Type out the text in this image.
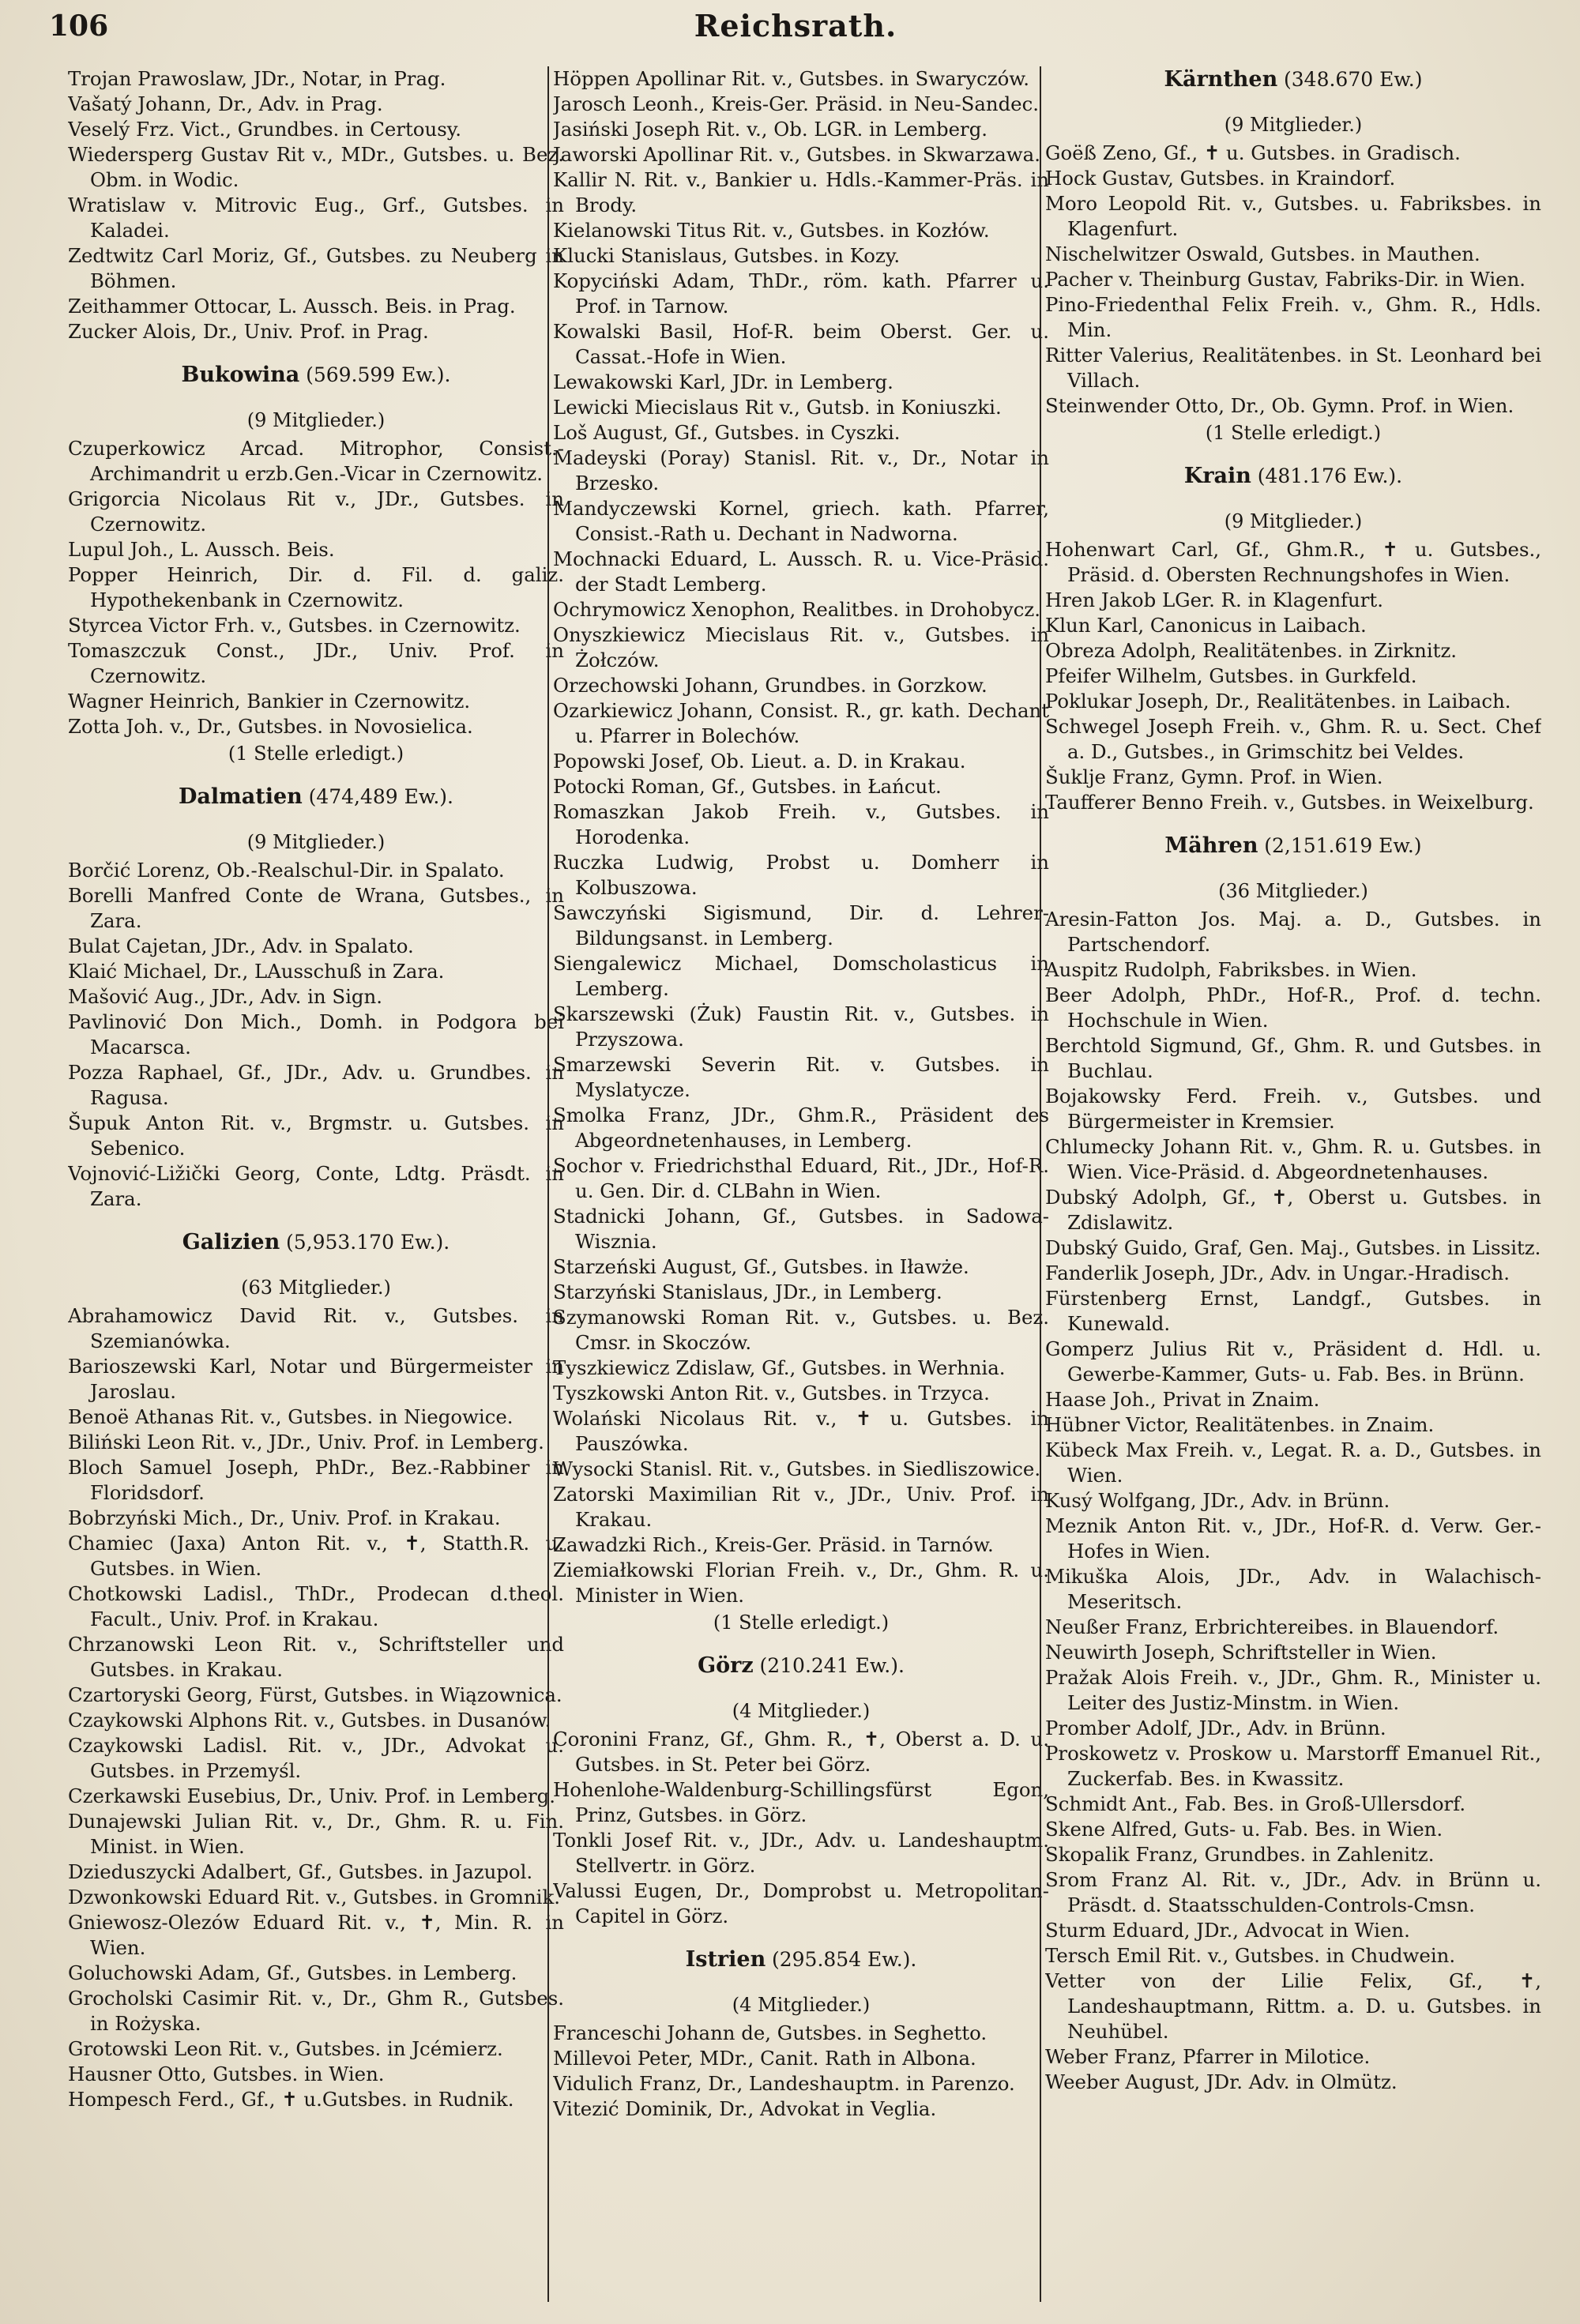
106	Reichsrath.

Trojan Prawoslaw, JDr., Notar, in Prag.

Vašatý Johann, Dr., Adv. in Prag.

Veselý Frz. Vict., Grundbes. in Certousy.

Wiedersperg Gustav Rit v., MDr., Gutsbes. u. Bez. Obm. in Wodic.

Wratislaw v. Mitrovic Eug., Grf., Gutsbes. in Kaladei.

Zedtwitz Carl Moriz, Gf., Gutsbes. zu Neuberg in Böhmen.

Zeithammer Ottocar, L. Aussch. Beis. in Prag.

Zucker Alois, Dr., Univ. Prof. in Prag.

Bukowina (569.599 Ew.).

(9 Mitglieder.)

Czuperkowicz Arcad. Mitrophor, Consist.-Archimandrit u erzb.Gen.-Vicar in Czernowitz.

Grigorcia Nicolaus Rit v., JDr., Gutsbes. in Czernowitz.

Lupul Joh., L. Aussch. Beis.

Popper Heinrich, Dir. d. Fil. d. galiz. Hypothekenbank in Czernowitz.

Styrcea Victor Frh. v., Gutsbes. in Czernowitz.

Tomaszczuk Const., JDr., Univ. Prof. in Czernowitz.

Wagner Heinrich, Bankier in Czernowitz.

Zotta Joh. v., Dr., Gutsbes. in Novosielica.

(1 Stelle erledigt.)

Dalmatien (474,489 Ew.).

(9 Mitglieder.)

Borčić Lorenz, Ob.-Realschul-Dir. in Spalato.

Borelli Manfred Conte de Wrana, Gutsbes., in Zara.

Bulat Cajetan, JDr., Adv. in Spalato.

Klaić Michael, Dr., LAusschuß in Zara.

Mašović Aug., JDr., Adv. in Sign.

Pavlinović Don Mich., Domh. in Podgora bei Macarsca.

Pozza Raphael, Gf., JDr., Adv. u. Grundbes. in Ragusa.

Šupuk Anton Rit. v., Brgmstr. u. Gutsbes. in Sebenico.

Vojnović-Ližički Georg, Conte, Ldtg. Präsdt. in Zara.

Galizien (5,953.170 Ew.).

(63 Mitglieder.)

Abrahamowicz David Rit. v., Gutsbes. in Szemianówka.

Barioszewski Karl, Notar und Bürgermeister in Jaroslau.

Benoë Athanas Rit. v., Gutsbes. in Niegowice.

Biliński Leon Rit. v., JDr., Univ. Prof. in Lemberg.

Bloch Samuel Joseph, PhDr., Bez.-Rabbiner in Floridsdorf.

Bobrzyński Mich., Dr., Univ. Prof. in Krakau.

Chamiec (Jaxa) Anton Rit. v., ✝, Statth.R. u. Gutsbes. in Wien.

Chotkowski Ladisl., ThDr., Prodecan d.theol. Facult., Univ. Prof. in Krakau.

Chrzanowski Leon Rit. v., Schriftsteller und Gutsbes. in Krakau.

Czartoryski Georg, Fürst, Gutsbes. in Wiązownica.

Czaykowski Alphons Rit. v., Gutsbes. in Dusanów.

Czaykowski Ladisl. Rit. v., JDr., Advokat u. Gutsbes. in Przemyśl.

Czerkawski Eusebius, Dr., Univ. Prof. in Lemberg.

Dunajewski Julian Rit. v., Dr., Ghm. R. u. Fin. Minist. in Wien.

Dzieduszycki Adalbert, Gf., Gutsbes. in Jazupol.

Dzwonkowski Eduard Rit. v., Gutsbes. in Gromnik.

Gniewosz-Olezów Eduard Rit. v., ✝, Min. R. in Wien.

Goluchowski Adam, Gf., Gutsbes. in Lemberg.

Grocholski Casimir Rit. v., Dr., Ghm R., Gutsbes. in Rożyska.

Grotowski Leon Rit. v., Gutsbes. in Jcémierz.

Hausner Otto, Gutsbes. in Wien.

Hompesch Ferd., Gf., ✝ u.Gutsbes. in Rudnik.

Höppen Apollinar Rit. v., Gutsbes. in Swaryczów.

Jarosch Leonh., Kreis-Ger. Präsid. in Neu-Sandec.

Jasiński Joseph Rit. v., Ob. LGR. in Lemberg.

Jaworski Apollinar Rit. v., Gutsbes. in Skwarzawa.

Kallir N. Rit. v., Bankier u. Hdls.-Kammer-Präs. in Brody.

Kielanowski Titus Rit. v., Gutsbes. in Kozłów.

Klucki Stanislaus, Gutsbes. in Kozy.

Kopyciński Adam, ThDr., röm. kath. Pfarrer u. Prof. in Tarnow.

Kowalski Basil, Hof-R. beim Oberst. Ger. u. Cassat.-Hofe in Wien.

Lewakowski Karl, JDr. in Lemberg.

Lewicki Miecislaus Rit v., Gutsb. in Koniuszki.

Loš August, Gf., Gutsbes. in Cyszki.

Madeyski (Poray) Stanisl. Rit. v., Dr., Notar in Brzesko.

Mandyczewski Kornel, griech. kath. Pfarrer, Consist.-Rath u. Dechant in Nadworna.

Mochnacki Eduard, L. Aussch. R. u. Vice-Präsid. der Stadt Lemberg.

Ochrymowicz Xenophon, Realitbes. in Drohobycz.

Onyszkiewicz Miecislaus Rit. v., Gutsbes. in Żołczów.

Orzechowski Johann, Grundbes. in Gorzkow.

Ozarkiewicz Johann, Consist. R., gr. kath. Dechant u. Pfarrer in Bolechów.

Popowski Josef, Ob. Lieut. a. D. in Krakau.

Potocki Roman, Gf., Gutsbes. in Łańcut.

Romaszkan Jakob Freih. v., Gutsbes. in Horodenka.

Ruczka Ludwig, Probst u. Domherr in Kolbuszowa.

Sawczyński Sigismund, Dir. d. Lehrer-Bildungsanst. in Lemberg.

Siengalewicz Michael, Domscholasticus in Lemberg.

Skarszewski (Żuk) Faustin Rit. v., Gutsbes. in Przyszowa.

Smarzewski Severin Rit. v. Gutsbes. in Myslatycze.

Smolka Franz, JDr., Ghm.R., Präsident des Abgeordnetenhauses, in Lemberg.

Sochor v. Friedrichsthal Eduard, Rit., JDr., Hof-R. u. Gen. Dir. d. CLBahn in Wien.

Stadnicki Johann, Gf., Gutsbes. in Sadowa-Wisznia.

Starzeński August, Gf., Gutsbes. in Iławże.

Starzyński Stanislaus, JDr., in Lemberg.

Szymanowski Roman Rit. v., Gutsbes. u. Bez. Cmsr. in Skoczów.

Tyszkiewicz Zdislaw, Gf., Gutsbes. in Werhnia.

Tyszkowski Anton Rit. v., Gutsbes. in Trzyca.

Wolański Nicolaus Rit. v., ✝ u. Gutsbes. in Pauszówka.

Wysocki Stanisl. Rit. v., Gutsbes. in Siedliszowice.

Zatorski Maximilian Rit v., JDr., Univ. Prof. in Krakau.

Zawadzki Rich., Kreis-Ger. Präsid. in Tarnów.

Ziemiałkowski Florian Freih. v., Dr., Ghm. R. u. Minister in Wien.

(1 Stelle erledigt.)

Görz (210.241 Ew.).

(4 Mitglieder.)

Coronini Franz, Gf., Ghm. R., ✝, Oberst a. D. u. Gutsbes. in St. Peter bei Görz.

Hohenlohe-Waldenburg-Schillingsfürst Egon, Prinz, Gutsbes. in Görz.

Tonkli Josef Rit. v., JDr., Adv. u. Landeshauptm. Stellvertr. in Görz.

Valussi Eugen, Dr., Domprobst u. Metropolitan-Capitel in Görz.

Istrien (295.854 Ew.).

(4 Mitglieder.)

Franceschi Johann de, Gutsbes. in Seghetto.

Millevoi Peter, MDr., Canit. Rath in Albona.

Vidulich Franz, Dr., Landeshauptm. in Parenzo.

Vitezić Dominik, Dr., Advokat in Veglia.

Kärnthen (348.670 Ew.)

(9 Mitglieder.)

Goëß Zeno, Gf., ✝ u. Gutsbes. in Gradisch.

Hock Gustav, Gutsbes. in Kraindorf.

Moro Leopold Rit. v., Gutsbes. u. Fabriksbes. in Klagenfurt.

Nischelwitzer Oswald, Gutsbes. in Mauthen.

Pacher v. Theinburg Gustav, Fabriks-Dir. in Wien.

Pino-Friedenthal Felix Freih. v., Ghm. R., Hdls. Min.

Ritter Valerius, Realitätenbes. in St. Leonhard bei Villach.

Steinwender Otto, Dr., Ob. Gymn. Prof. in Wien.

(1 Stelle erledigt.)

Krain (481.176 Ew.).

(9 Mitglieder.)

Hohenwart Carl, Gf., Ghm.R., ✝ u. Gutsbes., Präsid. d. Obersten Rechnungshofes in Wien.

Hren Jakob LGer. R. in Klagenfurt.

Klun Karl, Canonicus in Laibach.

Obreza Adolph, Realitätenbes. in Zirknitz.

Pfeifer Wilhelm, Gutsbes. in Gurkfeld.

Poklukar Joseph, Dr., Realitätenbes. in Laibach.

Schwegel Joseph Freih. v., Ghm. R. u. Sect. Chef a. D., Gutsbes., in Grimschitz bei Veldes.

Šuklje Franz, Gymn. Prof. in Wien.

Taufferer Benno Freih. v., Gutsbes. in Weixelburg.

Mähren (2,151.619 Ew.)

(36 Mitglieder.)

Aresin-Fatton Jos. Maj. a. D., Gutsbes. in Partschendorf.

Auspitz Rudolph, Fabriksbes. in Wien.

Beer Adolph, PhDr., Hof-R., Prof. d. techn. Hochschule in Wien.

Berchtold Sigmund, Gf., Ghm. R. und Gutsbes. in Buchlau.

Bojakowsky Ferd. Freih. v., Gutsbes. und Bürgermeister in Kremsier.

Chlumecky Johann Rit. v., Ghm. R. u. Gutsbes. in Wien. Vice-Präsid. d. Abgeordnetenhauses.

Dubský Adolph, Gf., ✝, Oberst u. Gutsbes. in Zdislawitz.

Dubský Guido, Graf, Gen. Maj., Gutsbes. in Lissitz.

Fanderlik Joseph, JDr., Adv. in Ungar.-Hradisch.

Fürstenberg Ernst, Landgf., Gutsbes. in Kunewald.

Gomperz Julius Rit v., Präsident d. Hdl. u. Gewerbe-Kammer, Guts- u. Fab. Bes. in Brünn.

Haase Joh., Privat in Znaim.

Hübner Victor, Realitätenbes. in Znaim.

Kübeck Max Freih. v., Legat. R. a. D., Gutsbes. in Wien.

Kusý Wolfgang, JDr., Adv. in Brünn.

Meznik Anton Rit. v., JDr., Hof-R. d. Verw. Ger.-Hofes in Wien.

Mikuška Alois, JDr., Adv. in Walachisch-Meseritsch.

Neußer Franz, Erbrichtereibes. in Blauendorf.

Neuwirth Joseph, Schriftsteller in Wien.

Pražak Alois Freih. v., JDr., Ghm. R., Minister u. Leiter des Justiz-Minstm. in Wien.

Promber Adolf, JDr., Adv. in Brünn.

Proskowetz v. Proskow u. Marstorff Emanuel Rit., Zuckerfab. Bes. in Kwassitz.

Schmidt Ant., Fab. Bes. in Groß-Ullersdorf.

Skene Alfred, Guts- u. Fab. Bes. in Wien.

Skopalik Franz, Grundbes. in Zahlenitz.

Srom Franz Al. Rit. v., JDr., Adv. in Brünn u. Präsdt. d. Staatsschulden-Controls-Cmsn.

Sturm Eduard, JDr., Advocat in Wien.

Tersch Emil Rit. v., Gutsbes. in Chudwein.

Vetter von der Lilie Felix, Gf., ✝, Landeshauptmann, Rittm. a. D. u. Gutsbes. in Neuhübel.

Weber Franz, Pfarrer in Milotice.

Weeber August, JDr. Adv. in Olmütz.
